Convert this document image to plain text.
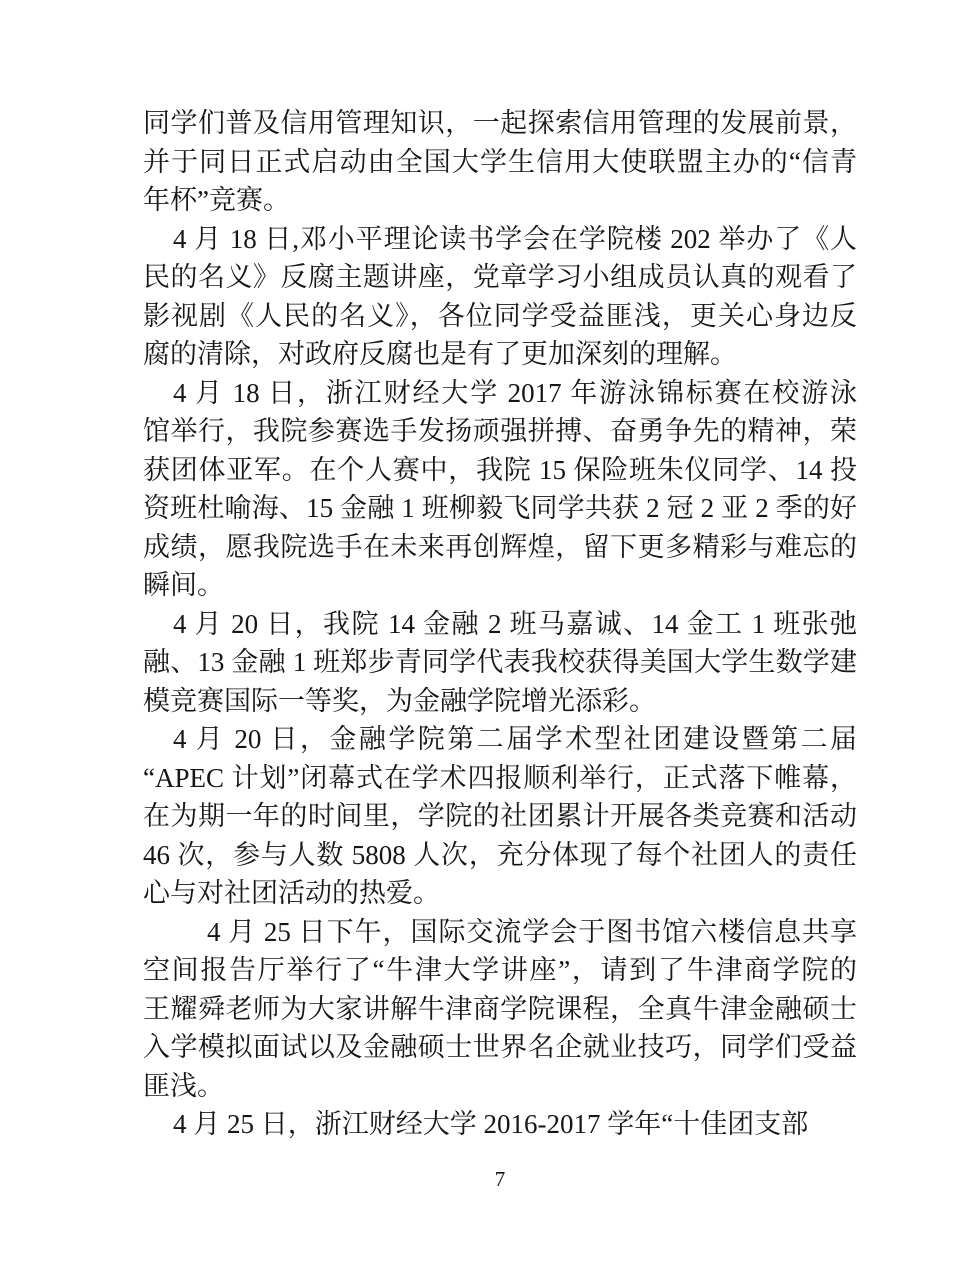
同学们普及信用管理知识，一起探索信用管理的发展前景，
并于同日正式启动由全国大学生信用大使联盟主办的“信青
年杯”竞赛。
4 月 18 日,邓小平理论读书学会在学院楼 202 举办了《人
民的名义》反腐主题讲座，党章学习小组成员认真的观看了
影视剧《人民的名义》，各位同学受益匪浅，更关心身边反
腐的清除，对政府反腐也是有了更加深刻的理解。
4 月 18 日，浙江财经大学 2017 年游泳锦标赛在校游泳
馆举行，我院参赛选手发扬顽强拼搏、奋勇争先的精神，荣
获团体亚军。在个人赛中，我院 15 保险班朱仪同学、14 投
资班杜喻海、15 金融 1 班柳毅飞同学共获 2 冠 2 亚 2 季的好
成绩，愿我院选手在未来再创辉煌，留下更多精彩与难忘的
瞬间。
4 月 20 日，我院 14 金融 2 班马嘉诚、14 金工 1 班张弛
融、13 金融 1 班郑步青同学代表我校获得美国大学生数学建
模竞赛国际一等奖，为金融学院增光添彩。
4 月 20 日，金融学院第二届学术型社团建设暨第二届
“APEC 计划”闭幕式在学术四报顺利举行，正式落下帷幕，
在为期一年的时间里，学院的社团累计开展各类竞赛和活动
46 次，参与人数 5808 人次，充分体现了每个社团人的责任
心与对社团活动的热爱。
4 月 25 日下午，国际交流学会于图书馆六楼信息共享
空间报告厅举行了“牛津大学讲座”，请到了牛津商学院的
王耀舜老师为大家讲解牛津商学院课程，全真牛津金融硕士
入学模拟面试以及金融硕士世界名企就业技巧，同学们受益
匪浅。
4 月 25 日，浙江财经大学 2016-2017 学年“十佳团支部
7
